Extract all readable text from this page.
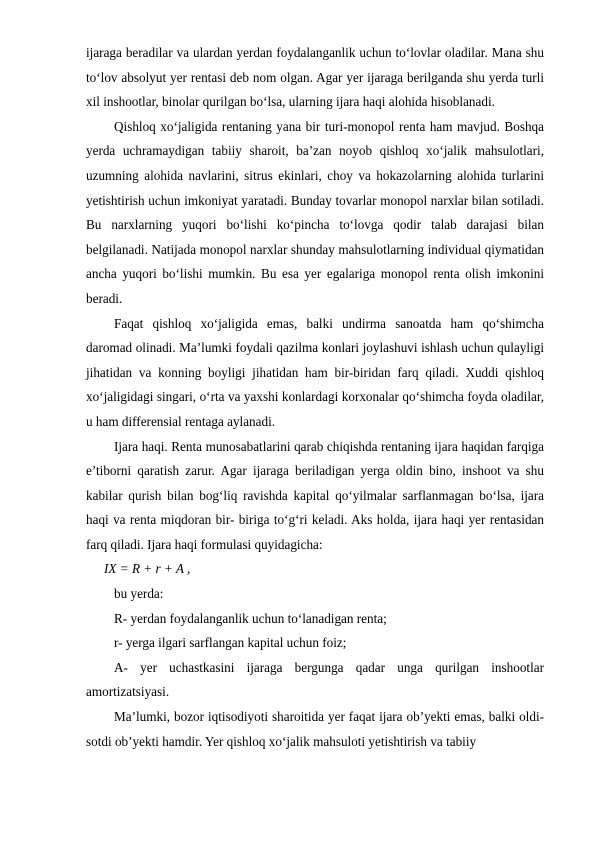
ijaraga beradilar va ulardan yerdan foydalanganlik uchun to‘lovlar oladilar. Mana shu to‘lov absolyut yer rentasi deb nom olgan. Agar yer ijaraga berilganda shu yerda turli xil inshootlar, binolar qurilgan bo‘lsa, ularning ijara haqi alohida hisoblanadi.

Qishloq xo‘jaligida rentaning yana bir turi-monopol renta ham mavjud. Boshqa yerda uchramaydigan tabiiy sharoit, ba’zan noyob qishloq xo‘jalik mahsulotlari, uzumning alohida navlarini, sitrus ekinlari, choy va hokazolarning alohida turlarini yetishtirish uchun imkoniyat yaratadi. Bunday tovarlar monopol narxlar bilan sotiladi. Bu narxlarning yuqori bo‘lishi ko‘pincha to‘lovga qodir talab darajasi bilan belgilanadi. Natijada monopol narxlar shunday mahsulotlarning individual qiymatidan ancha yuqori bo‘lishi mumkin. Bu esa yer egalariga monopol renta olish imkonini beradi.

Faqat qishloq xo‘jaligida emas, balki undirma sanoatda ham qo‘shimcha daromad olinadi. Ma’lumki foydali qazilma konlari joylashuvi ishlash uchun qulayligi jihatidan va konning boyligi jihatidan ham bir-biridan farq qiladi. Xuddi qishloq xo‘jaligidagi singari, o‘rta va yaxshi konlardagi korxonalar qo‘shimcha foyda oladilar, u ham differensial rentaga aylanadi.

Ijara haqi. Renta munosabatlarini qarab chiqishda rentaning ijara haqidan farqiga e’tiborni qaratish zarur. Agar ijaraga beriladigan yerga oldin bino, inshoot va shu kabilar qurish bilan bog‘liq ravishda kapital qo‘yilmalar sarflanmagan bo‘lsa, ijara haqi va renta miqdoran bir- biriga to‘g‘ri keladi. Aks holda, ijara haqi yer rentasidan farq qiladi. Ijara haqi formulasi quyidagicha:

IX = R + r + A ,

bu yerda:

R- yerdan foydalanganlik uchun to‘lanadigan renta;

r- yerga ilgari sarflangan kapital uchun foiz;

A- yer uchastkasini ijaraga bergunga qadar unga qurilgan inshootlar amortizatsiyasi.

Ma’lumki, bozor iqtisodiyoti sharoitida yer faqat ijara ob’yekti emas, balki oldi-sotdi ob’yekti hamdir. Yer qishloq xo‘jalik mahsuloti yetishtirish va tabiiy
